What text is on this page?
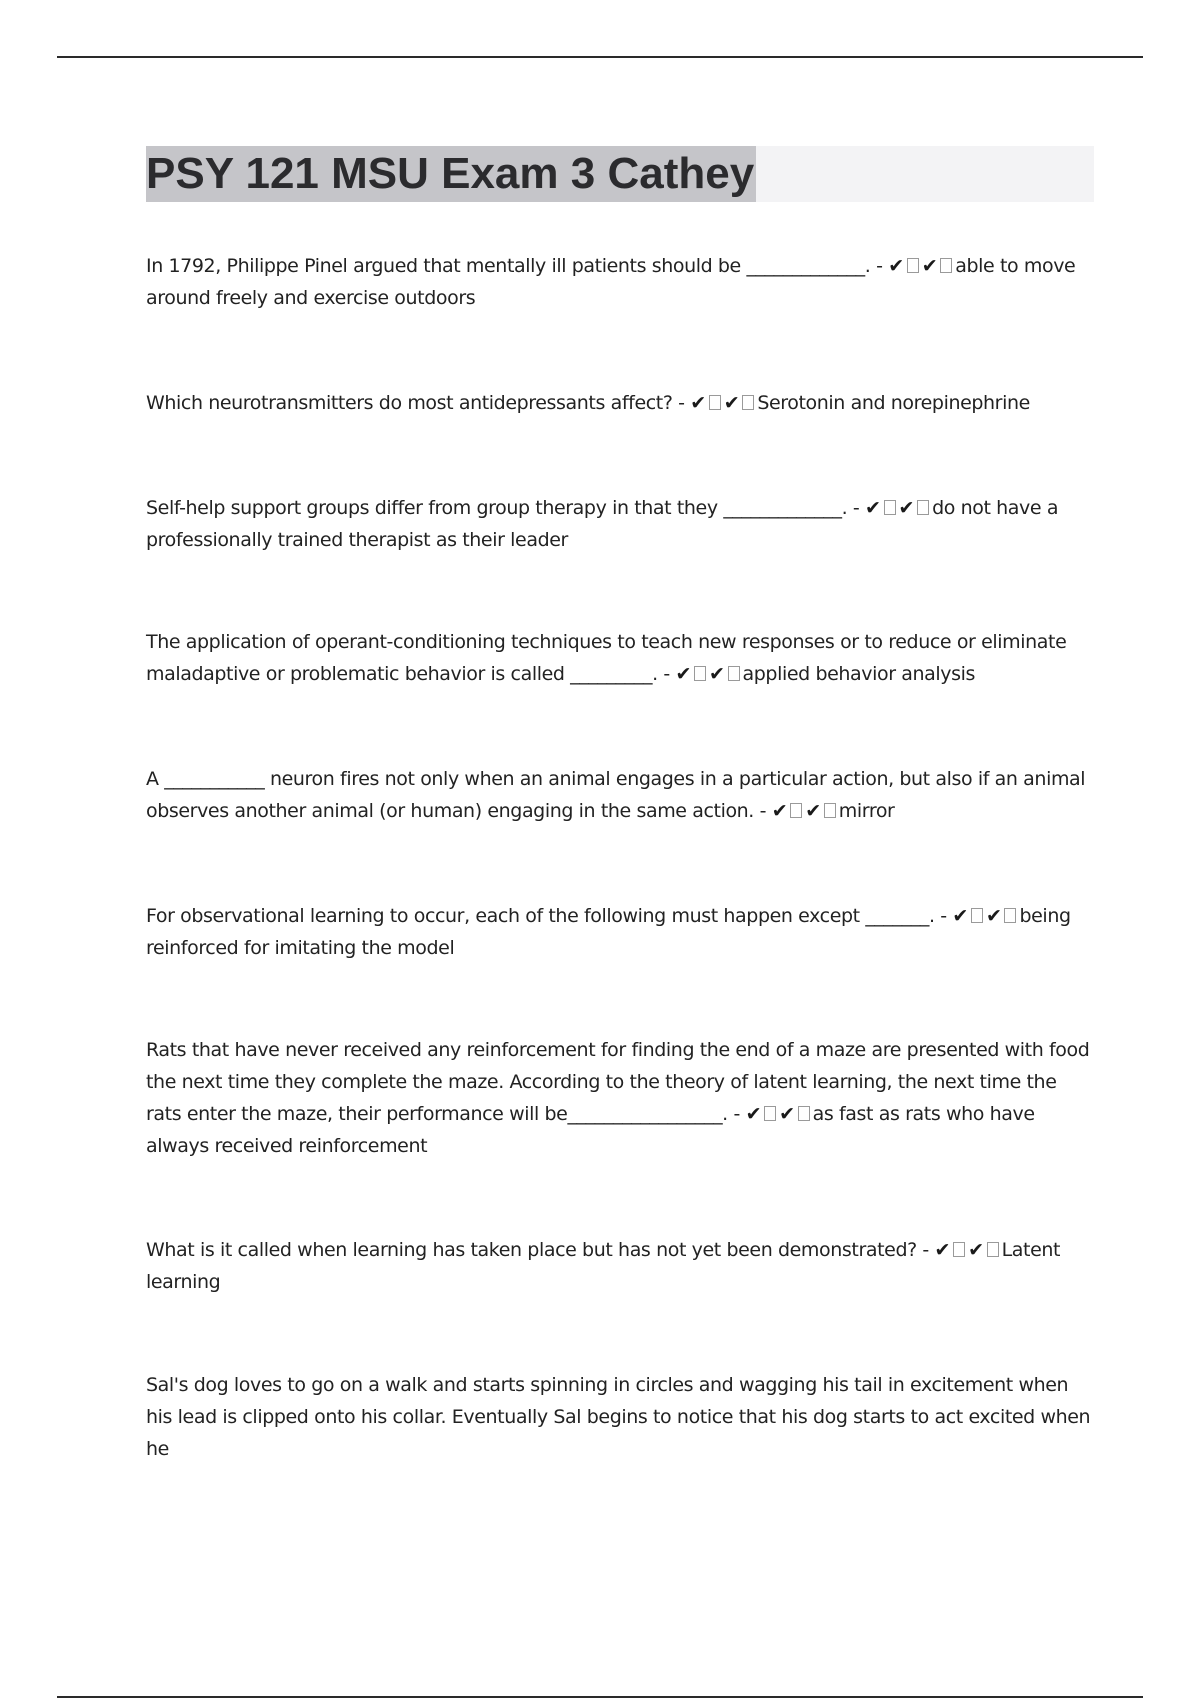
PSY 121 MSU Exam 3 Cathey

In 1792, Philippe Pinel argued that mentally ill patients should be _____________. - ✔ ✔ able to move around freely and exercise outdoors

Which neurotransmitters do most antidepressants affect? - ✔ ✔ Serotonin and norepinephrine

Self-help support groups differ from group therapy in that they _____________. - ✔ ✔ do not have a professionally trained therapist as their leader

The application of operant-conditioning techniques to teach new responses or to reduce or eliminate maladaptive or problematic behavior is called _________. - ✔ ✔ applied behavior analysis

A ___________ neuron fires not only when an animal engages in a particular action, but also if an animal observes another animal (or human) engaging in the same action. - ✔ ✔ mirror

For observational learning to occur, each of the following must happen except _______. - ✔ ✔ being reinforced for imitating the model

Rats that have never received any reinforcement for finding the end of a maze are presented with food the next time they complete the maze. According to the theory of latent learning, the next time the rats enter the maze, their performance will be_________________. - ✔ ✔ as fast as rats who have always received reinforcement

What is it called when learning has taken place but has not yet been demonstrated? - ✔ ✔ Latent learning

Sal's dog loves to go on a walk and starts spinning in circles and wagging his tail in excitement when his lead is clipped onto his collar. Eventually Sal begins to notice that his dog starts to act excited when he
